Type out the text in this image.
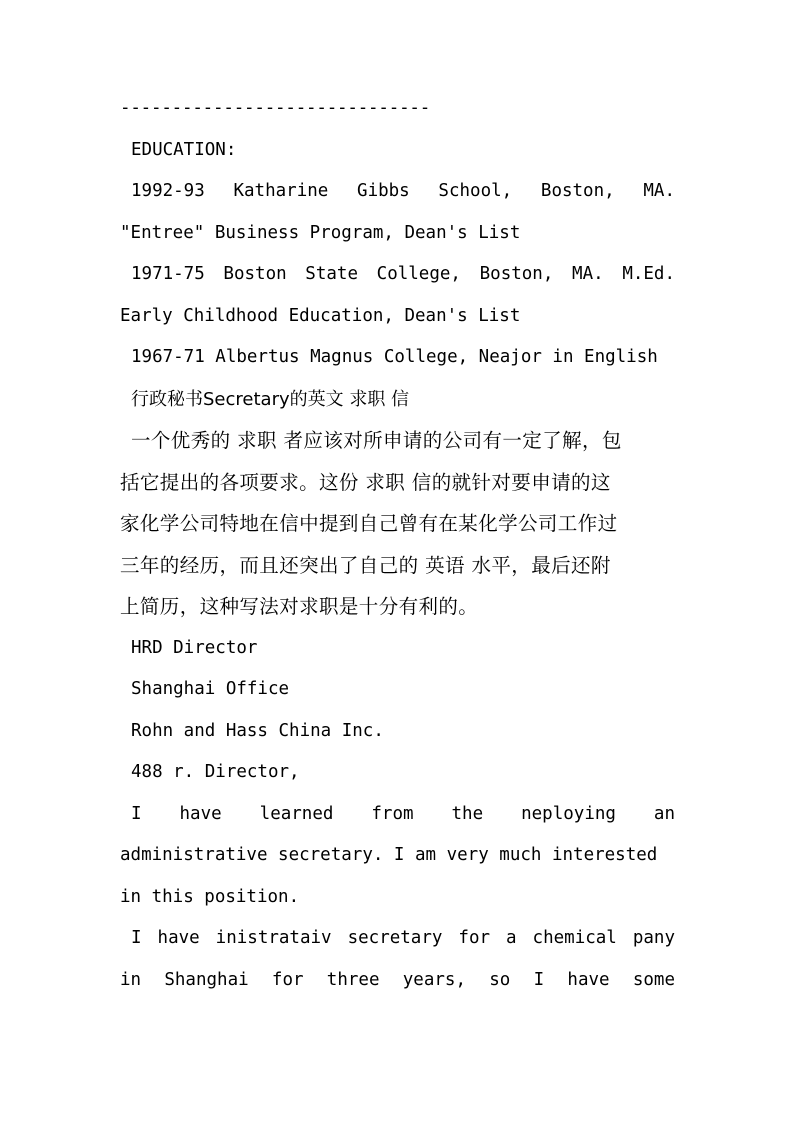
------------------------------
EDUCATION:
1992-93 Katharine Gibbs School, Boston, MA.
"Entree" Business Program, Dean's List
1971-75 Boston State College, Boston, MA. M.Ed.
Early Childhood Education, Dean's List
1967-71 Albertus Magnus College, Neajor in English
行政秘书Secretary的英文 求职 信
一个优秀的 求职 者应该对所申请的公司有一定了解，包
括它提出的各项要求。这份 求职 信的就针对要申请的这
家化学公司特地在信中提到自己曾有在某化学公司工作过
三年的经历，而且还突出了自己的 英语 水平，最后还附
上简历，这种写法对求职是十分有利的。
HRD Director
Shanghai Office
Rohn and Hass China Inc.
488 r. Director,
I have learned from the neploying an
administrative secretary. I am very much interested
in this position.
I have inistrataiv secretary for a chemical pany
in Shanghai for three years, so I have some
